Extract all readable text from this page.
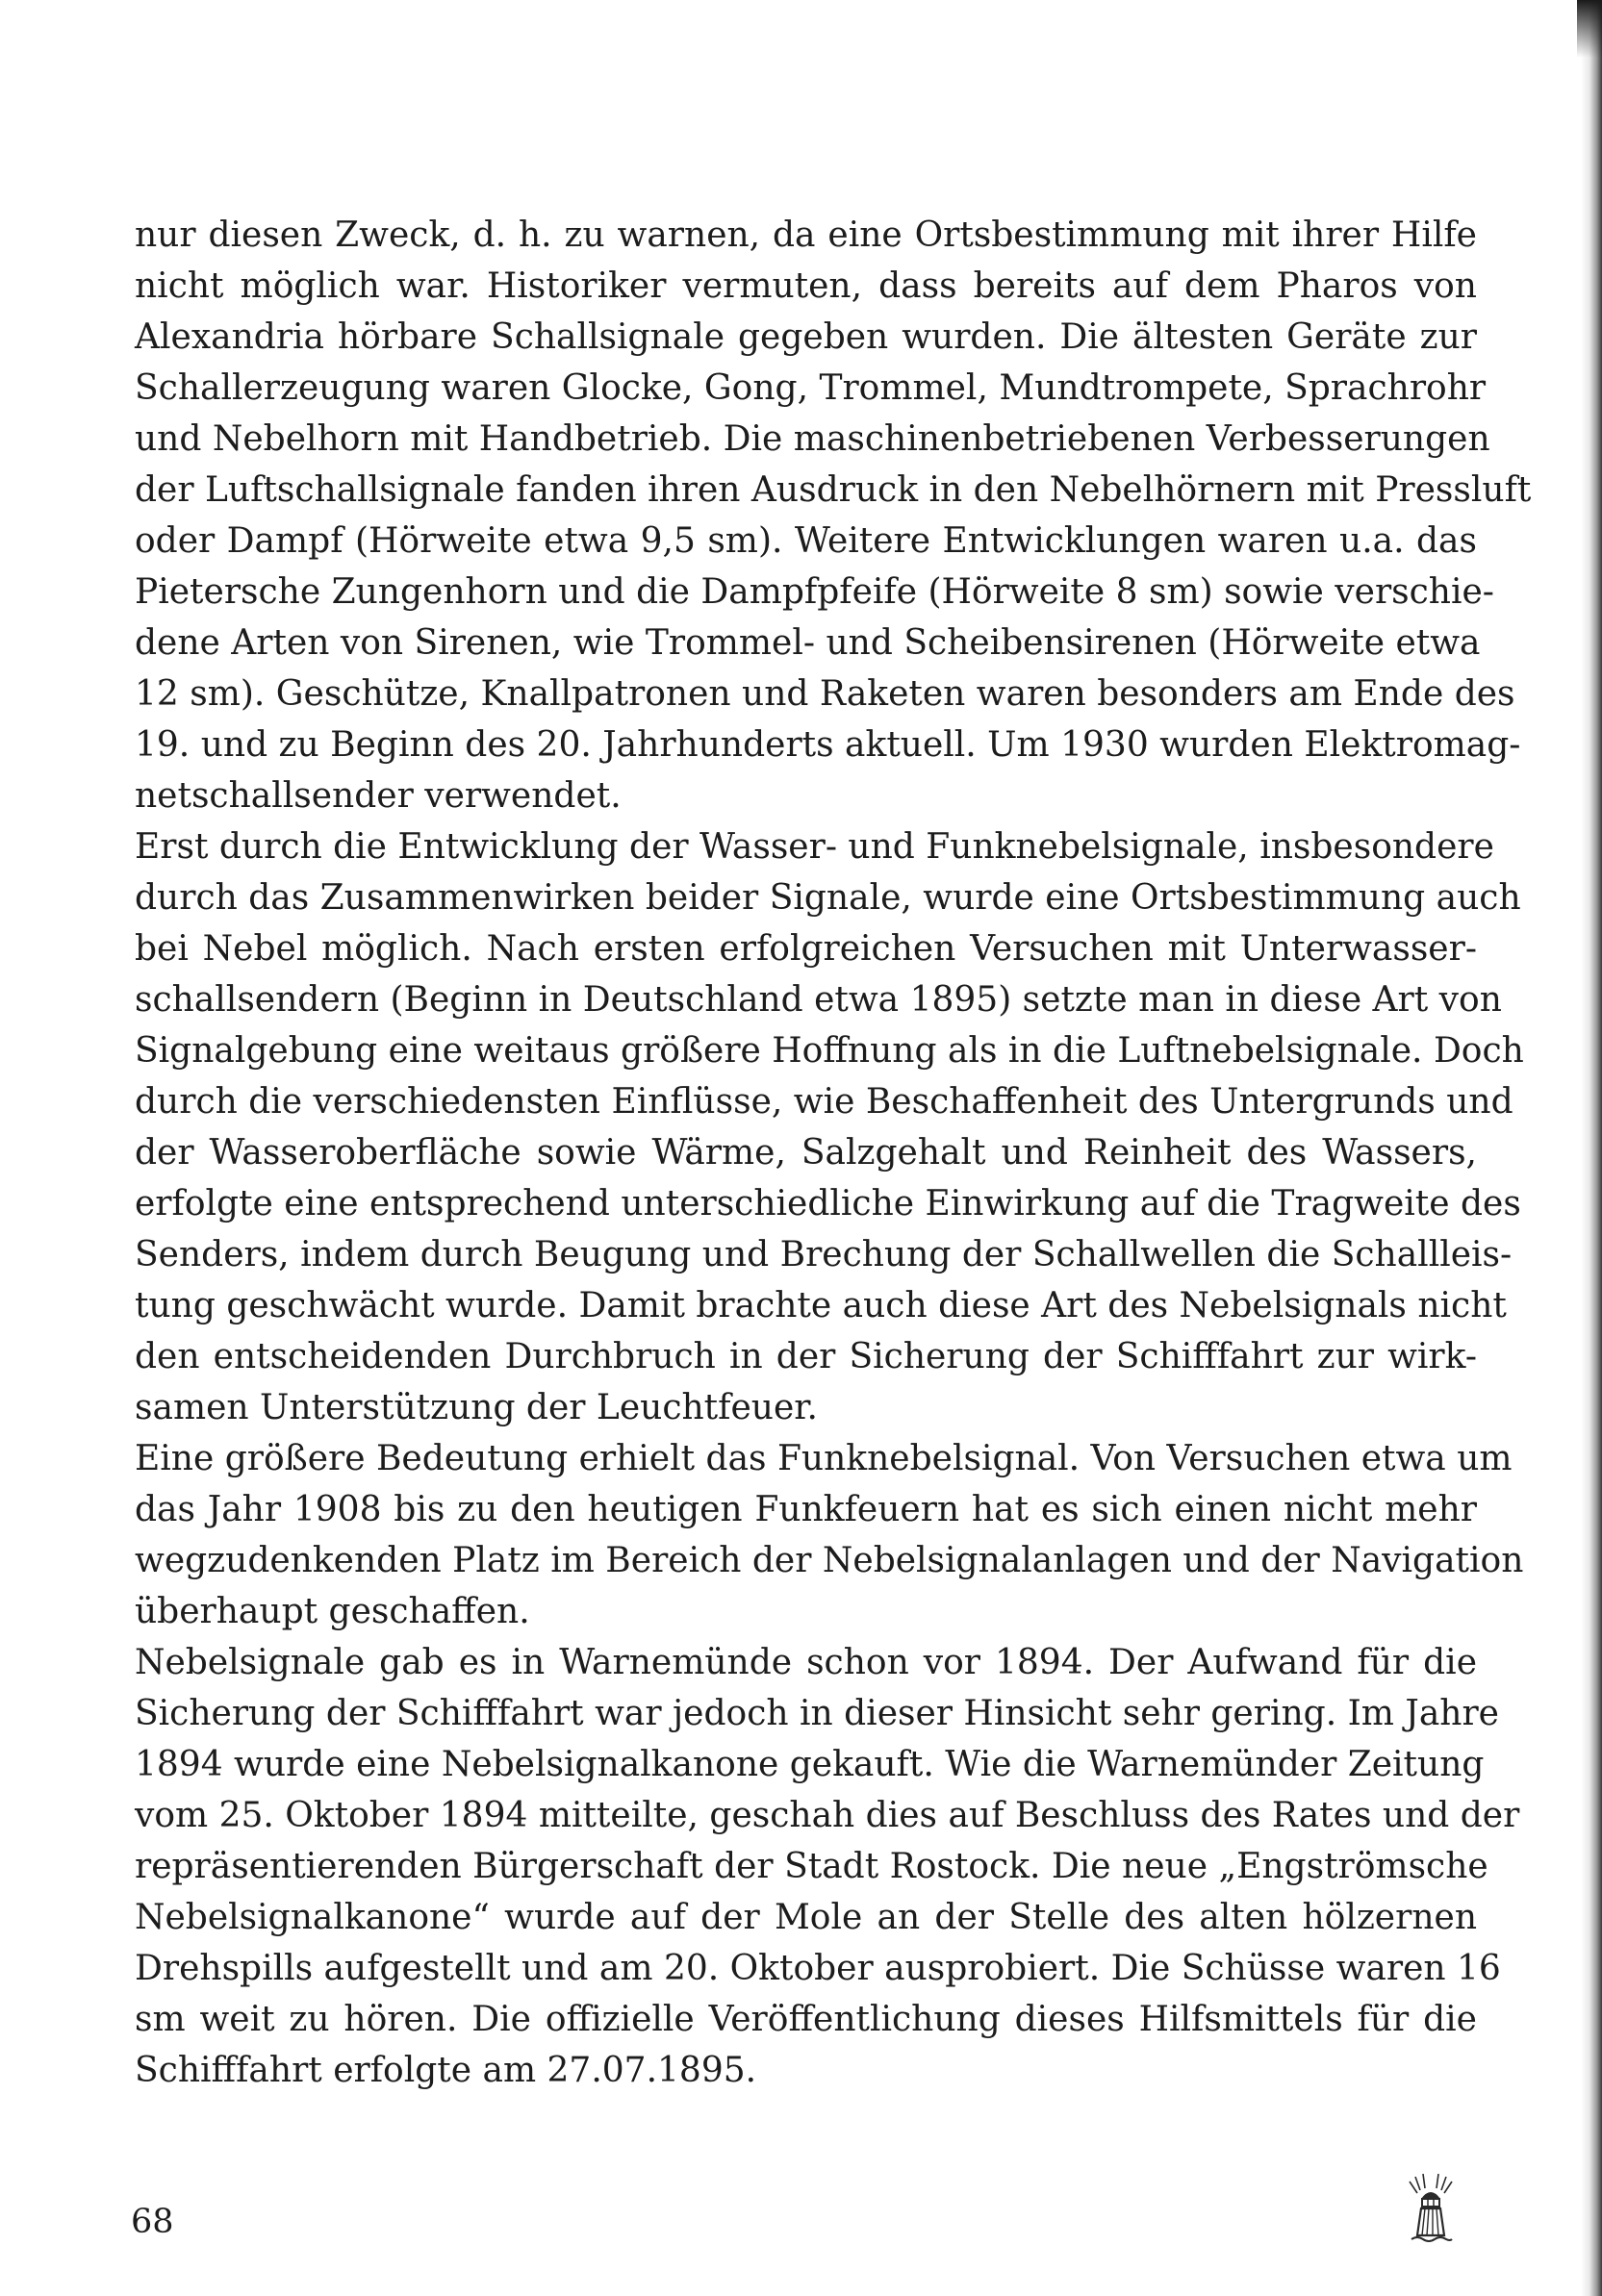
nur diesen Zweck, d. h. zu warnen, da eine Ortsbestimmung mit ihrer Hilfe
nicht möglich war. Historiker vermuten, dass bereits auf dem Pharos von
Alexandria hörbare Schallsignale gegeben wurden. Die ältesten Geräte zur
Schallerzeugung waren Glocke, Gong, Trommel, Mundtrompete, Sprachrohr
und Nebelhorn mit Handbetrieb. Die maschinenbetriebenen Verbesserungen
der Luftschallsignale fanden ihren Ausdruck in den Nebelhörnern mit Pressluft
oder Dampf (Hörweite etwa 9,5 sm). Weitere Entwicklungen waren u.a. das
Pietersche Zungenhorn und die Dampfpfeife (Hörweite 8 sm) sowie verschie-
dene Arten von Sirenen, wie Trommel- und Scheibensirenen (Hörweite etwa
12 sm). Geschütze, Knallpatronen und Raketen waren besonders am Ende des
19. und zu Beginn des 20. Jahrhunderts aktuell. Um 1930 wurden Elektromag-
netschallsender verwendet.
Erst durch die Entwicklung der Wasser- und Funknebelsignale, insbesondere
durch das Zusammenwirken beider Signale, wurde eine Ortsbestimmung auch
bei Nebel möglich. Nach ersten erfolgreichen Versuchen mit Unterwasser-
schallsendern (Beginn in Deutschland etwa 1895) setzte man in diese Art von
Signalgebung eine weitaus größere Hoffnung als in die Luftnebelsignale. Doch
durch die verschiedensten Einflüsse, wie Beschaffenheit des Untergrunds und
der Wasseroberfläche sowie Wärme, Salzgehalt und Reinheit des Wassers,
erfolgte eine entsprechend unterschiedliche Einwirkung auf die Tragweite des
Senders, indem durch Beugung und Brechung der Schallwellen die Schallleis-
tung geschwächt wurde. Damit brachte auch diese Art des Nebelsignals nicht
den entscheidenden Durchbruch in der Sicherung der Schifffahrt zur wirk-
samen Unterstützung der Leuchtfeuer.
Eine größere Bedeutung erhielt das Funknebelsignal. Von Versuchen etwa um
das Jahr 1908 bis zu den heutigen Funkfeuern hat es sich einen nicht mehr
wegzudenkenden Platz im Bereich der Nebelsignalanlagen und der Navigation
überhaupt geschaffen.
Nebelsignale gab es in Warnemünde schon vor 1894. Der Aufwand für die
Sicherung der Schifffahrt war jedoch in dieser Hinsicht sehr gering. Im Jahre
1894 wurde eine Nebelsignalkanone gekauft. Wie die Warnemünder Zeitung
vom 25. Oktober 1894 mitteilte, geschah dies auf Beschluss des Rates und der
repräsentierenden Bürgerschaft der Stadt Rostock. Die neue „Engströmsche
Nebelsignalkanone“ wurde auf der Mole an der Stelle des alten hölzernen
Drehspills aufgestellt und am 20. Oktober ausprobiert. Die Schüsse waren 16
sm weit zu hören. Die offizielle Veröffentlichung dieses Hilfsmittels für die
Schifffahrt erfolgte am 27.07.1895.
68
